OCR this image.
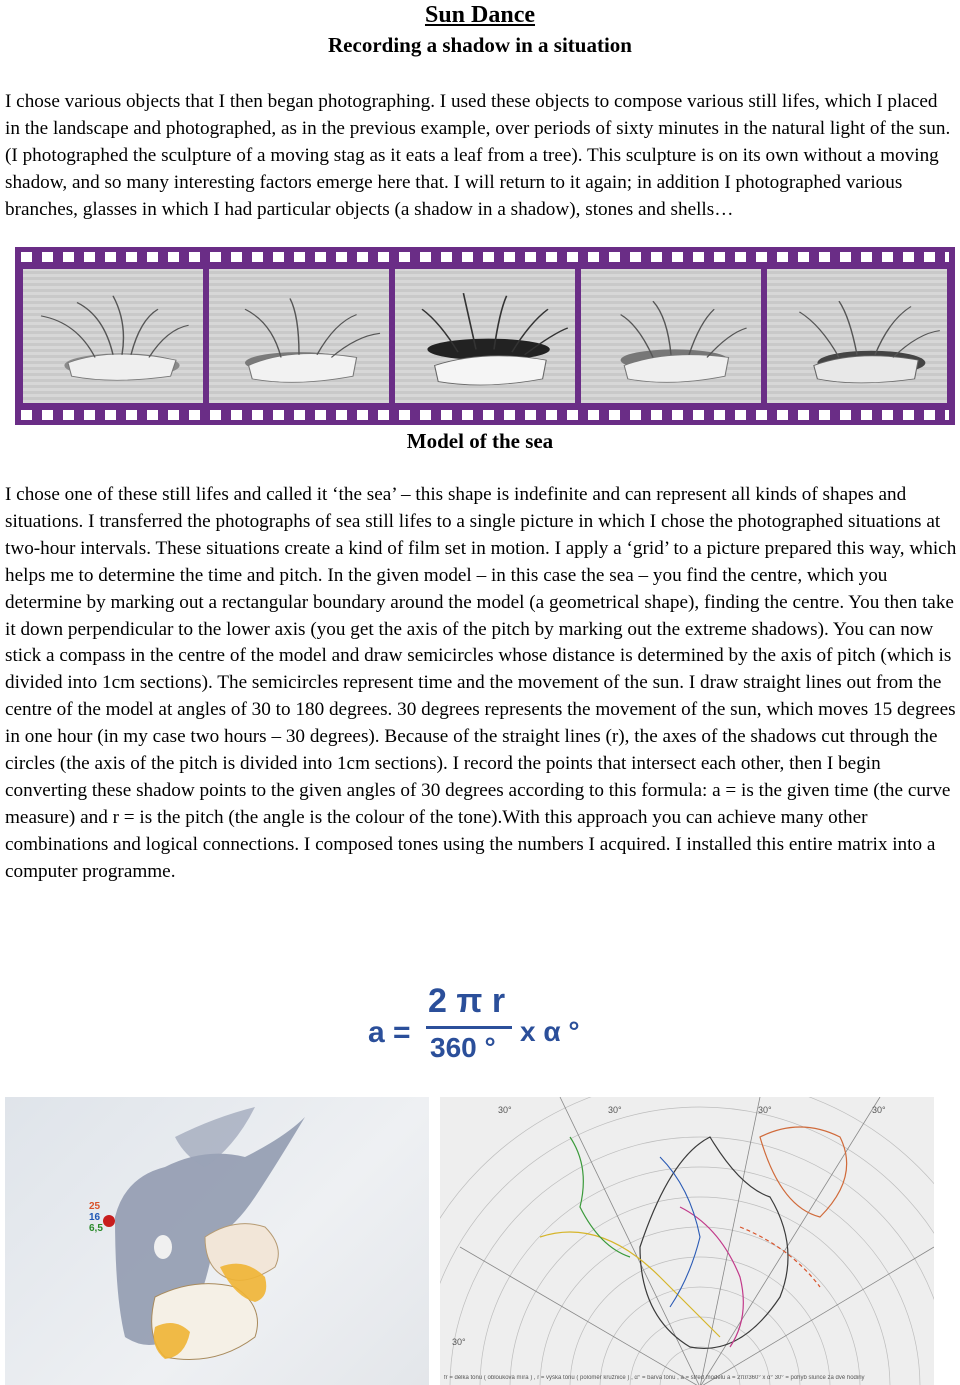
Sun Dance
Recording a shadow in a situation

I chose various objects that I then began photographing. I used these objects to compose various still lifes, which I placed in the landscape and photographed, as in the previous example, over periods of sixty minutes in the natural light of the sun. (I photographed the sculpture of a moving stag as it eats a leaf from a tree). This sculpture is on its own without a moving shadow, and so many interesting factors emerge here that. I will return to it again; in addition I photographed various branches, glasses in which I had particular objects (a shadow in a shadow), stones and shells…

Model of the sea

I chose one of these still lifes and called it ‘the sea’ – this shape is indefinite and can represent all kinds of shapes and situations. I transferred the photographs of sea still lifes to a single picture in which I chose the photographed situations at two-hour intervals. These situations create a kind of film set in motion. I apply a ‘grid’ to a picture prepared this way, which helps me to determine the time and pitch. In the given model – in this case the sea – you find the centre, which you determine by marking out a rectangular boundary around the model (a geometrical shape), finding the centre. You then take it down perpendicular to the lower axis (you get the axis of the pitch by marking out the extreme shadows). You can now stick a compass in the centre of the model and draw semicircles whose distance is determined by the axis of pitch (which is divided into 1cm sections). The semicircles represent time and the movement of the sun. I draw straight lines out from the centre of the model at angles of 30 to 180 degrees. 30 degrees represents the movement of the sun, which moves 15 degrees in one hour (in my case two hours – 30 degrees). Because of the straight lines (r), the axes of the shadows cut through the circles (the axis of the pitch is divided into 1cm sections). I record the points that intersect each other, then I begin converting these shadow points to the given angles of 30 degrees according to this formula: a = is the given time (the curve measure) and r = is the pitch (the angle is the colour of the tone).With this approach you can achieve many other combinations and logical connections. I composed tones using the numbers I acquired. I installed this entire matrix into a computer programme.

a =
2 π r
360 °
x α °
25
16
6,5
30°	30°	30°	30°
30°
fr = délka tónu ( oblouková míra ) , r = výška tónu ( poloměr kružnice ) , α° = barva tónu , a = střed modelu a = 2πr/360° x α° 30° = pohyb slunce za dvě hodiny
